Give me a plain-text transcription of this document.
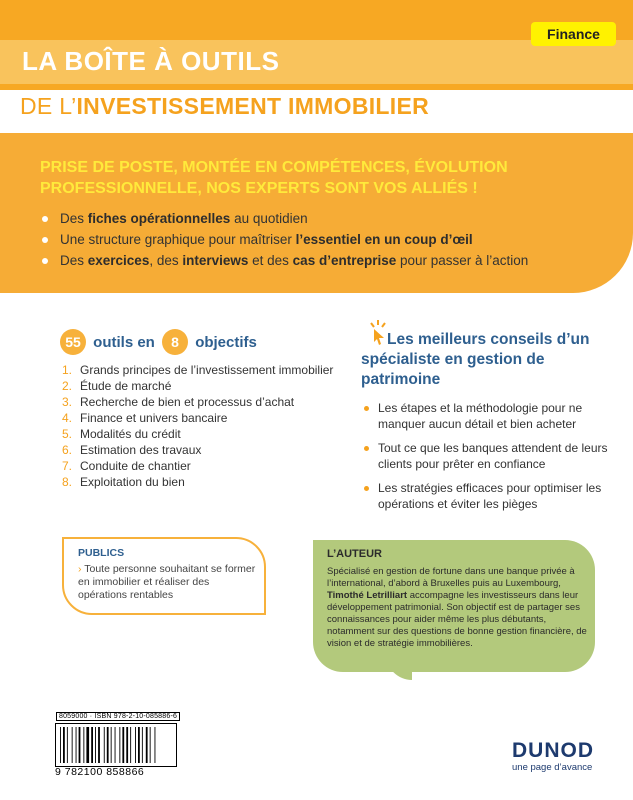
Finance
LA BOÎTE À OUTILS
DE L’INVESTISSEMENT IMMOBILIER
PRISE DE POSTE, MONTÉE EN COMPÉTENCES, ÉVOLUTION PROFESSIONNELLE, NOS EXPERTS SONT VOS ALLIÉS !
Des fiches opérationnelles au quotidien
Une structure graphique pour maîtriser l’essentiel en un coup d’œil
Des exercices, des interviews et des cas d’entreprise pour passer à l’action
55 outils en 8 objectifs
1. Grands principes de l’investissement immobilier
2. Étude de marché
3. Recherche de bien et processus d’achat
4. Finance et univers bancaire
5. Modalités du crédit
6. Estimation des travaux
7. Conduite de chantier
8. Exploitation du bien
Les meilleurs conseils d’un spécialiste en gestion de patrimoine
Les étapes et la méthodologie pour ne manquer aucun détail et bien acheter
Tout ce que les banques attendent de leurs clients pour prêter en confiance
Les stratégies efficaces pour optimiser les opérations et éviter les pièges
PUBLICS
› Toute personne souhaitant se former en immobilier et réaliser des opérations rentables
L’AUTEUR
Spécialisé en gestion de fortune dans une banque privée à l’international, d’abord à Bruxelles puis au Luxembourg, Timothé Letrilliart accompagne les investisseurs dans leur développement patrimonial. Son objectif est de partager ses connaissances pour aider même les plus débutants, notamment sur des questions de bonne gestion financière, de vision et de stratégie immobilières.
8059000 · ISBN 978-2-10-085886-6
9 782100 858866
DUNOD
une page d’avance
